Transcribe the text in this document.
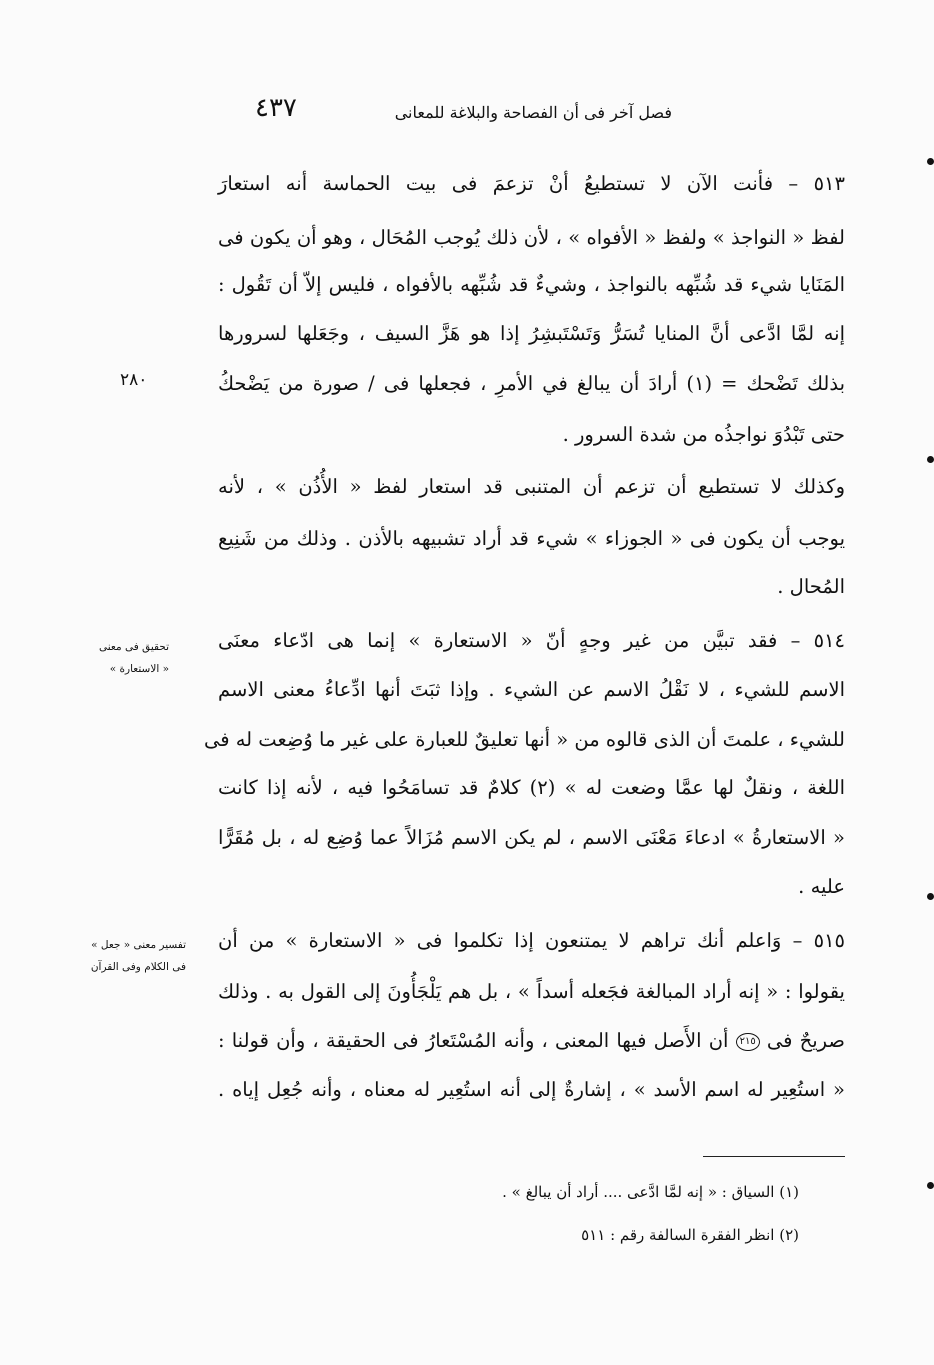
فصل آخر فى أن الفصاحة والبلاغة للمعانى
٤٣٧
٢٨٠
تحقيق فى معنى
« الاستعارة »
تفسير معنى « جعل »
فى الكلام وفى القرآن
٥١٣ – فأنت الآن لا تستطيعُ أنْ تزعمَ فى بيت الحماسة أنه استعارَ
لفظ « النواجذ » ولفظ « الأفواه » ، لأن ذلك يُوجب المُحَال ، وهو أن يكون فى
المَنَايا شيء قد شُبِّهه بالنواجذ ، وشيءٌ قد شُبِّهه بالأفواه ، فليس إلاّ أن تَقُول :
إنه لمَّا ادَّعى أنَّ المنايا تُسَرُّ وَتَسْتَبشِرُ إذا هو هَزَّ السيف ، وجَعَلها لسرورها
بذلك تَضْحك = (١) أرادَ أن يبالغ في الأمرِ ، فجعلها فى / صورة من يَضْحكُ
حتى تَبْدُوَ نواجذُه من شدة السرور .
وكذلك لا تستطيع أن تزعم أن المتنبى قد استعار لفظ « الأُذُن » ، لأنه
يوجب أن يكون فى « الجوزاء » شيء قد أراد تشبيهه بالأذن . وذلك من شَنِيع
المُحال .
٥١٤ – فقد تبيَّن من غير وجهٍ أنّ « الاستعارة » إنما هى ادّعاء معنَى
الاسم للشيء ، لا نَقْلُ الاسم عن الشيء . وإذا ثبَتَ أنها ادِّعاءُ معنى الاسم
للشيء ، علمتَ أن الذى قالوه من « أنها تعليقٌ للعبارة على غير ما وُضِعت له فى
اللغة ، ونقلٌ لها عمَّا وضعت له » (٢) كلامٌ قد تسامَحُوا فيه ، لأنه إذا كانت
« الاستعارةُ » ادعاءَ مَعْنَى الاسم ، لم يكن الاسم مُزَالاً عما وُضِع له ، بل مُقَرًّا
عليه .
٥١٥ – وَاعلم أنك تراهم لا يمتنعون إذا تكلموا فى « الاستعارة » من أن
يقولوا : « إنه أراد المبالغة فجَعله أسداً » ، بل هم يَلْجَأُونَ إلى القول به . وذلك
صريحٌ فى ٢١٥ أن الأَصل فيها المعنى ، وأنه المُسْتَعارُ فى الحقيقة ، وأن قولنا :
« استُعِير له اسم الأسد » ، إشارةٌ إلى أنه استُعِير له معناه ، وأنه جُعِل إياه .
(١) السياق : « إنه لمَّا ادَّعى .... أراد أن يبالغ » .
(٢) انظر الفقرة السالفة رقم : ٥١١
